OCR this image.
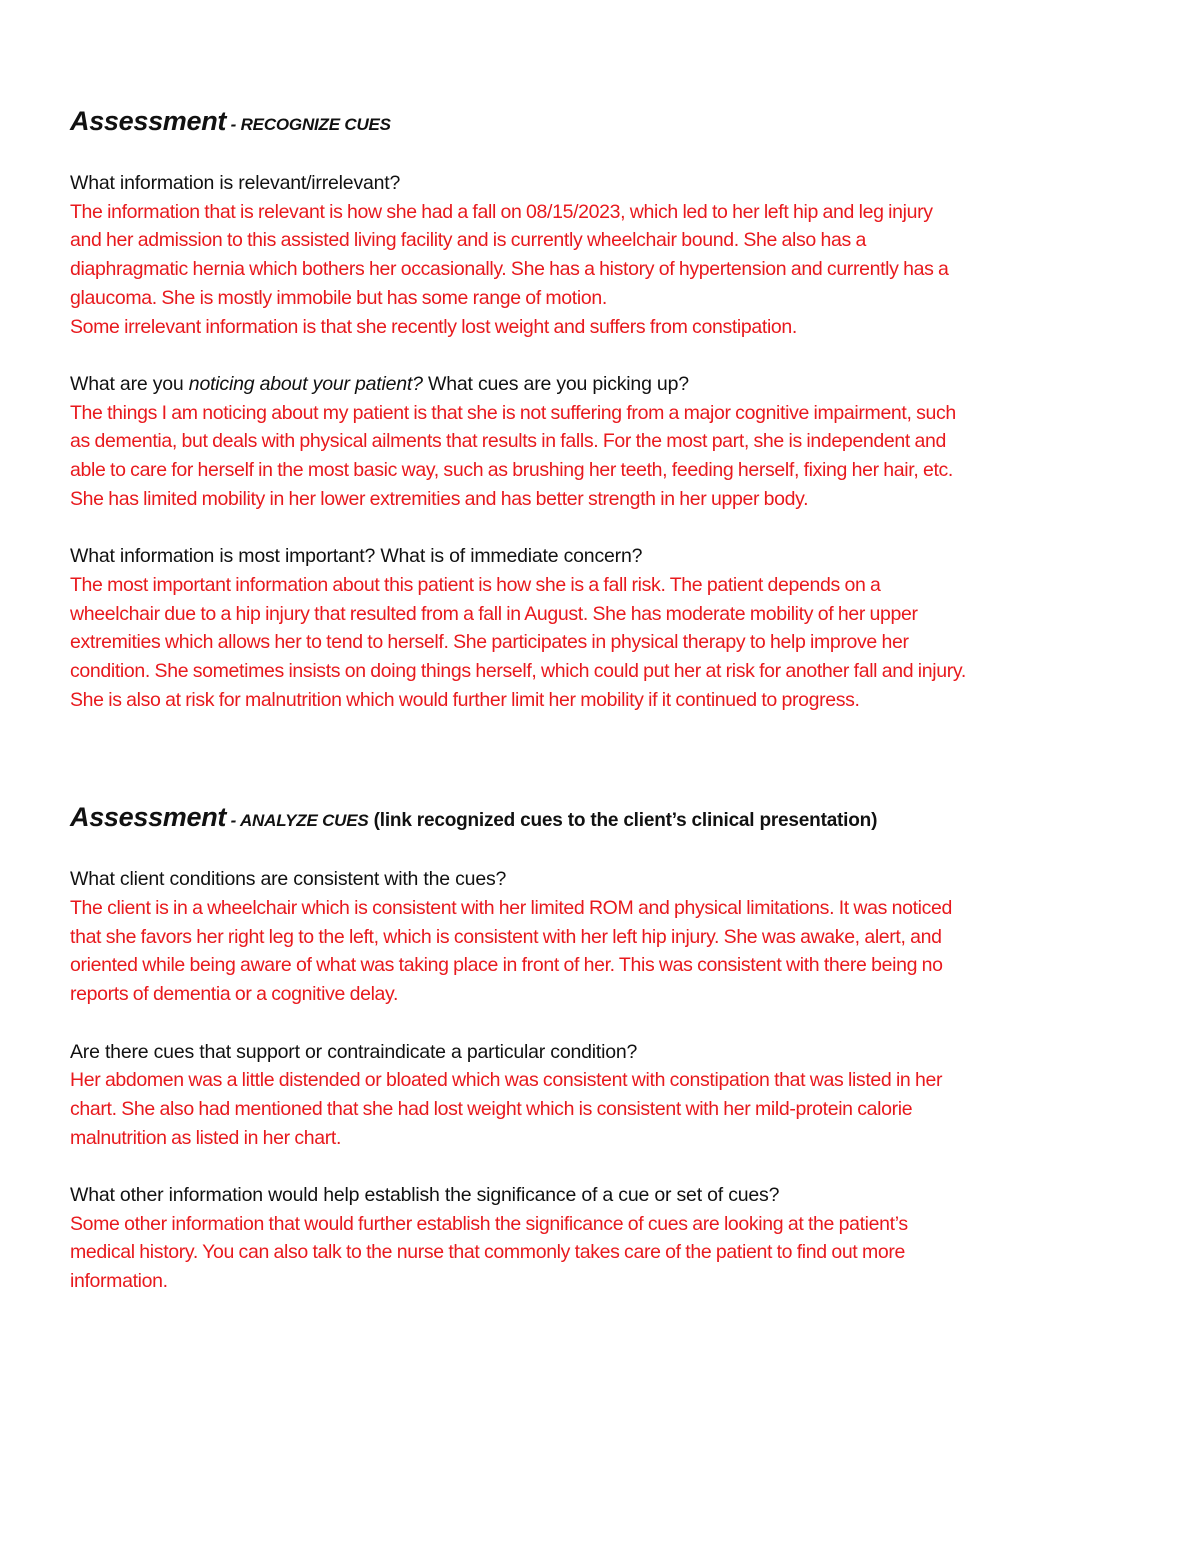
Assessment - RECOGNIZE CUES

What information is relevant/irrelevant?

The information that is relevant is how she had a fall on 08/15/2023, which led to her left hip and leg injury
and her admission to this assisted living facility and is currently wheelchair bound. She also has a
diaphragmatic hernia which bothers her occasionally. She has a history of hypertension and currently has a
glaucoma. She is mostly immobile but has some range of motion.
Some irrelevant information is that she recently lost weight and suffers from constipation.

What are you noticing about your patient? What cues are you picking up?

The things I am noticing about my patient is that she is not suffering from a major cognitive impairment, such
as dementia, but deals with physical ailments that results in falls. For the most part, she is independent and
able to care for herself in the most basic way, such as brushing her teeth, feeding herself, fixing her hair, etc.
She has limited mobility in her lower extremities and has better strength in her upper body.

What information is most important? What is of immediate concern?

The most important information about this patient is how she is a fall risk. The patient depends on a
wheelchair due to a hip injury that resulted from a fall in August. She has moderate mobility of her upper
extremities which allows her to tend to herself. She participates in physical therapy to help improve her
condition. She sometimes insists on doing things herself, which could put her at risk for another fall and injury.
She is also at risk for malnutrition which would further limit her mobility if it continued to progress.

Assessment - ANALYZE CUES (link recognized cues to the client’s clinical presentation)

What client conditions are consistent with the cues?

The client is in a wheelchair which is consistent with her limited ROM and physical limitations. It was noticed
that she favors her right leg to the left, which is consistent with her left hip injury. She was awake, alert, and
oriented while being aware of what was taking place in front of her. This was consistent with there being no
reports of dementia or a cognitive delay.

Are there cues that support or contraindicate a particular condition?

Her abdomen was a little distended or bloated which was consistent with constipation that was listed in her
chart. She also had mentioned that she had lost weight which is consistent with her mild-protein calorie
malnutrition as listed in her chart.

What other information would help establish the significance of a cue or set of cues?

Some other information that would further establish the significance of cues are looking at the patient’s
medical history. You can also talk to the nurse that commonly takes care of the patient to find out more
information.
